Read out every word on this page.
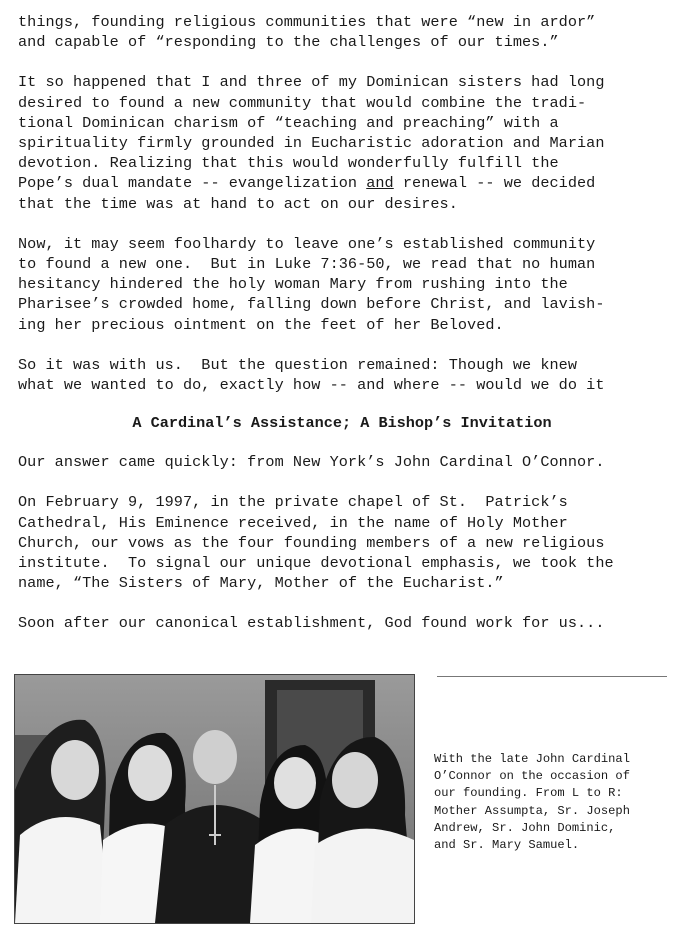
things, founding religious communities that were “new in ardor”
and capable of “responding to the challenges of our times.”

It so happened that I and three of my Dominican sisters had long
desired to found a new community that would combine the tradi-
tional Dominican charism of “teaching and preaching” with a
spirituality firmly grounded in Eucharistic adoration and Marian
devotion. Realizing that this would wonderfully fulfill the
Pope’s dual mandate -- evangelization and renewal -- we decided
that the time was at hand to act on our desires.

Now, it may seem foolhardy to leave one’s established community
to found a new one.  But in Luke 7:36-50, we read that no human
hesitancy hindered the holy woman Mary from rushing into the
Pharisee’s crowded home, falling down before Christ, and lavish-
ing her precious ointment on the feet of her Beloved.

So it was with us.  But the question remained: Though we knew
what we wanted to do, exactly how -- and where -- would we do it

A Cardinal’s Assistance; A Bishop’s Invitation

Our answer came quickly: from New York’s John Cardinal O’Connor.

On February 9, 1997, in the private chapel of St.  Patrick’s
Cathedral, His Eminence received, in the name of Holy Mother
Church, our vows as the four founding members of a new religious
institute.  To signal our unique devotional emphasis, we took the
name, “The Sisters of Mary, Mother of the Eucharist.”

Soon after our canonical establishment, God found work for us...

With the late John Cardinal
O’Connor on the occasion of
our founding. From L to R:
Mother Assumpta, Sr. Joseph
Andrew, Sr. John Dominic,
and Sr. Mary Samuel.
